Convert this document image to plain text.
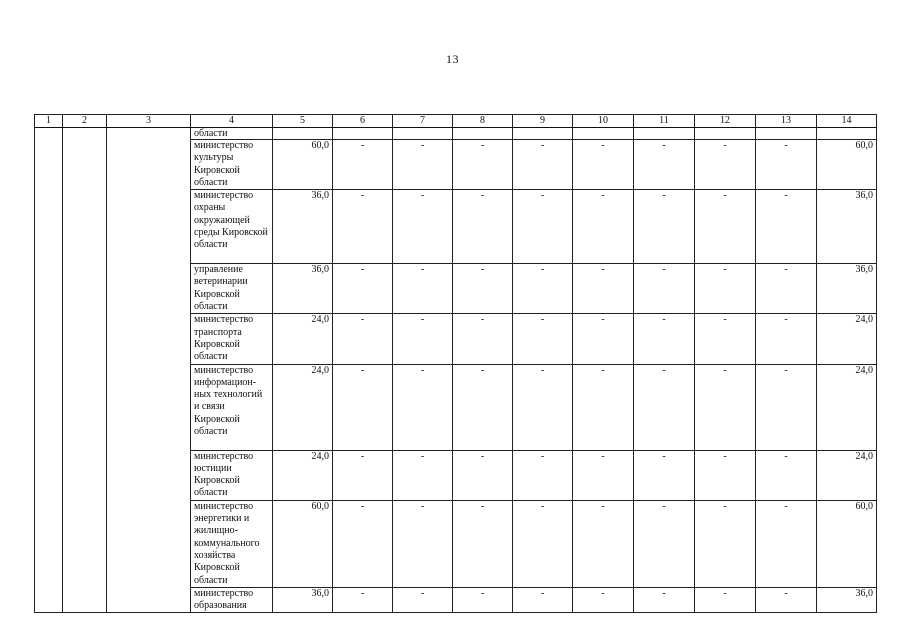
13
1	2	3	4	5	6	7	8	9	10	11	12	13	14
			области										
			министерство культуры Кировской области	60,0	-	-	-	-	-	-	-	-	60,0
			министерство охраны окружающей среды Кировской области	36,0	-	-	-	-	-	-	-	-	36,0
			управление ветеринарии Кировской области	36,0	-	-	-	-	-	-	-	-	36,0
			министерство транспорта Кировской области	24,0	-	-	-	-	-	-	-	-	24,0
			министерство информацион-ных технологий и связи Кировской области	24,0	-	-	-	-	-	-	-	-	24,0
			министерство юстиции Кировской области	24,0	-	-	-	-	-	-	-	-	24,0
			министерство энергетики и жилищно-коммунального хозяйства Кировской области	60,0	-	-	-	-	-	-	-	-	60,0
			министерство образования	36,0	-	-	-	-	-	-	-	-	36,0
